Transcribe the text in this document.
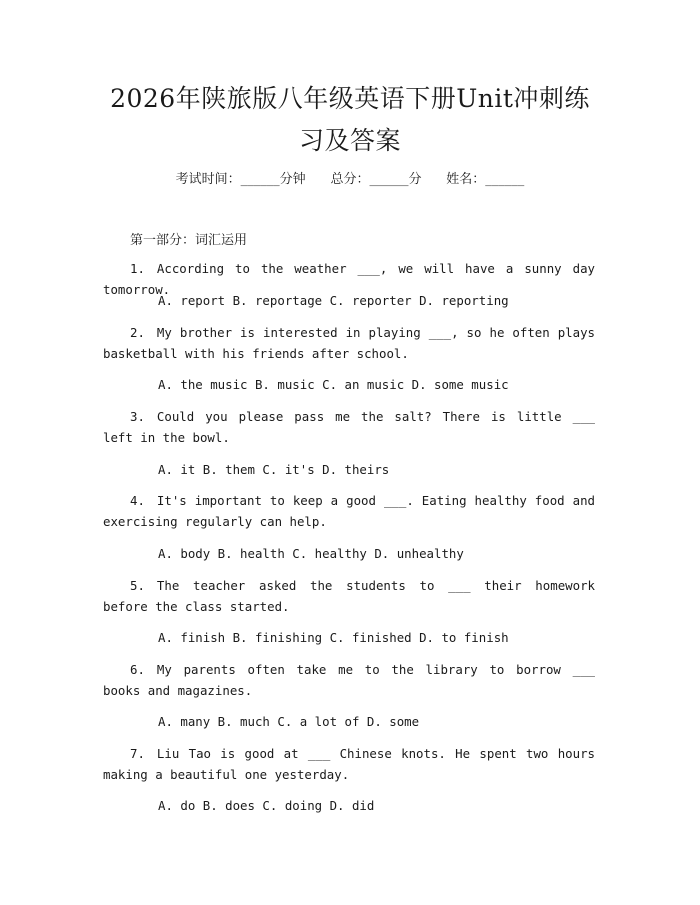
2026年陕旅版八年级英语下册Unit冲刺练
习及答案
考试时间：______分钟 总分：______分 姓名：______
第一部分：词汇运用
1. According to the weather ___, we will have a sunny day tomorrow.
A. report B. reportage C. reporter D. reporting
2. My brother is interested in playing ___, so he often plays basketball with his friends after school.
A. the music B. music C. an music D. some music
3. Could you please pass me the salt? There is little ___ left in the bowl.
A. it B. them C. it's D. theirs
4. It's important to keep a good ___. Eating healthy food and exercising regularly can help.
A. body B. health C. healthy D. unhealthy
5. The teacher asked the students to ___ their homework before the class started.
A. finish B. finishing C. finished D. to finish
6. My parents often take me to the library to borrow ___ books and magazines.
A. many B. much C. a lot of D. some
7. Liu Tao is good at ___ Chinese knots. He spent two hours making a beautiful one yesterday.
A. do B. does C. doing D. did
